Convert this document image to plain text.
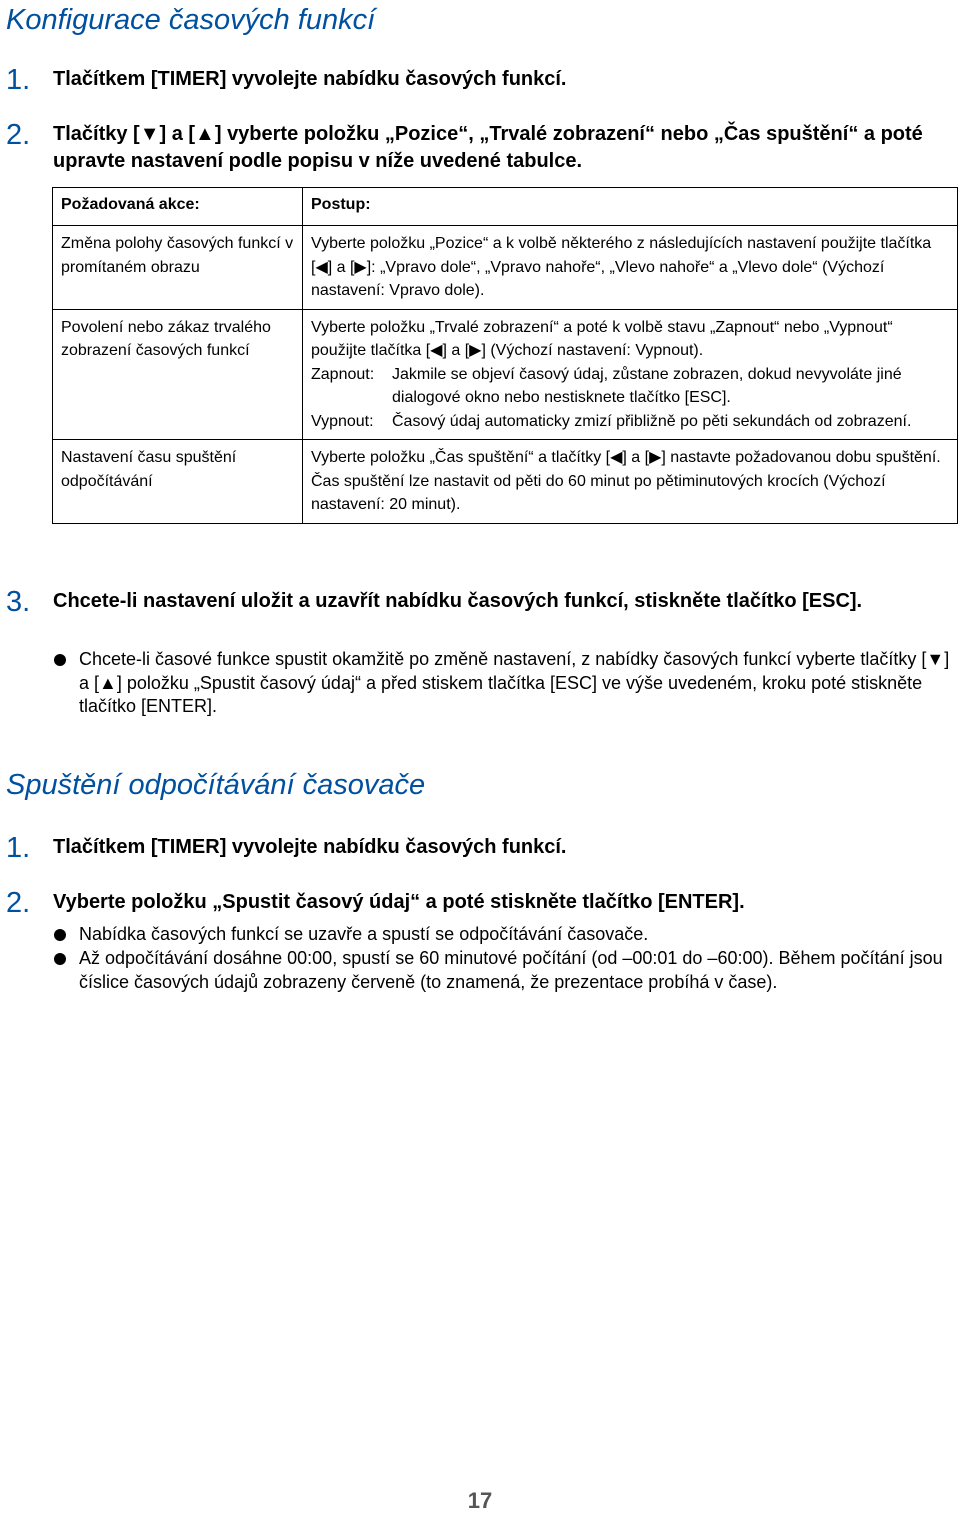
Konfigurace časových funkcí
1.	Tlačítkem [TIMER] vyvolejte nabídku časových funkcí.
2.	Tlačítky [▼] a [▲] vyberte položku „Pozice“, „Trvalé zobrazení“ nebo „Čas spuštění“ a poté upravte nastavení podle popisu v níže uvedené tabulce.
Požadovaná akce:	Postup:
Změna polohy časových funkcí v promítaném obrazu	Vyberte položku „Pozice“ a k volbě některého z následujících nastavení použijte tlačítka [◀] a [▶]: „Vpravo dole“, „Vpravo nahoře“, „Vlevo nahoře“ a „Vlevo dole“ (Výchozí nastavení: Vpravo dole).
Povolení nebo zákaz trvalého zobrazení časových funkcí	Vyberte položku „Trvalé zobrazení“ a poté k volbě stavu „Zapnout“ nebo „Vypnout“ použijte tlačítka [◀] a [▶] (Výchozí nastavení: Vypnout).
Zapnout: Jakmile se objeví časový údaj, zůstane zobrazen, dokud nevyvoláte jiné dialogové okno nebo nestisknete tlačítko [ESC].
Vypnout: Časový údaj automaticky zmizí přibližně po pěti sekundách od zobrazení.

Nastavení času spuštění odpočítávání	Vyberte položku „Čas spuštění“ a tlačítky [◀] a [▶] nastavte požadovanou dobu spuštění.
Čas spuštění lze nastavit od pěti do 60 minut po pětiminutových krocích (Výchozí nastavení: 20 minut).
3.	Chcete-li nastavení uložit a uzavřít nabídku časových funkcí, stiskněte tlačítko [ESC].
Chcete-li časové funkce spustit okamžitě po změně nastavení, z nabídky časových funkcí vyberte tlačítky [▼] a [▲] položku „Spustit časový údaj“ a před stiskem tlačítka [ESC] ve výše uvedeném, kroku poté stiskněte tlačítko [ENTER].
Spuštění odpočítávání časovače
1.	Tlačítkem [TIMER] vyvolejte nabídku časových funkcí.
2.	Vyberte položku „Spustit časový údaj“ a poté stiskněte tlačítko [ENTER].
Nabídka časových funkcí se uzavře a spustí se odpočítávání časovače.
Až odpočítávání dosáhne 00:00, spustí se 60 minutové počítání (od –00:01 do –60:00). Během počítání jsou číslice časových údajů zobrazeny červeně (to znamená, že prezentace probíhá v čase).
17
